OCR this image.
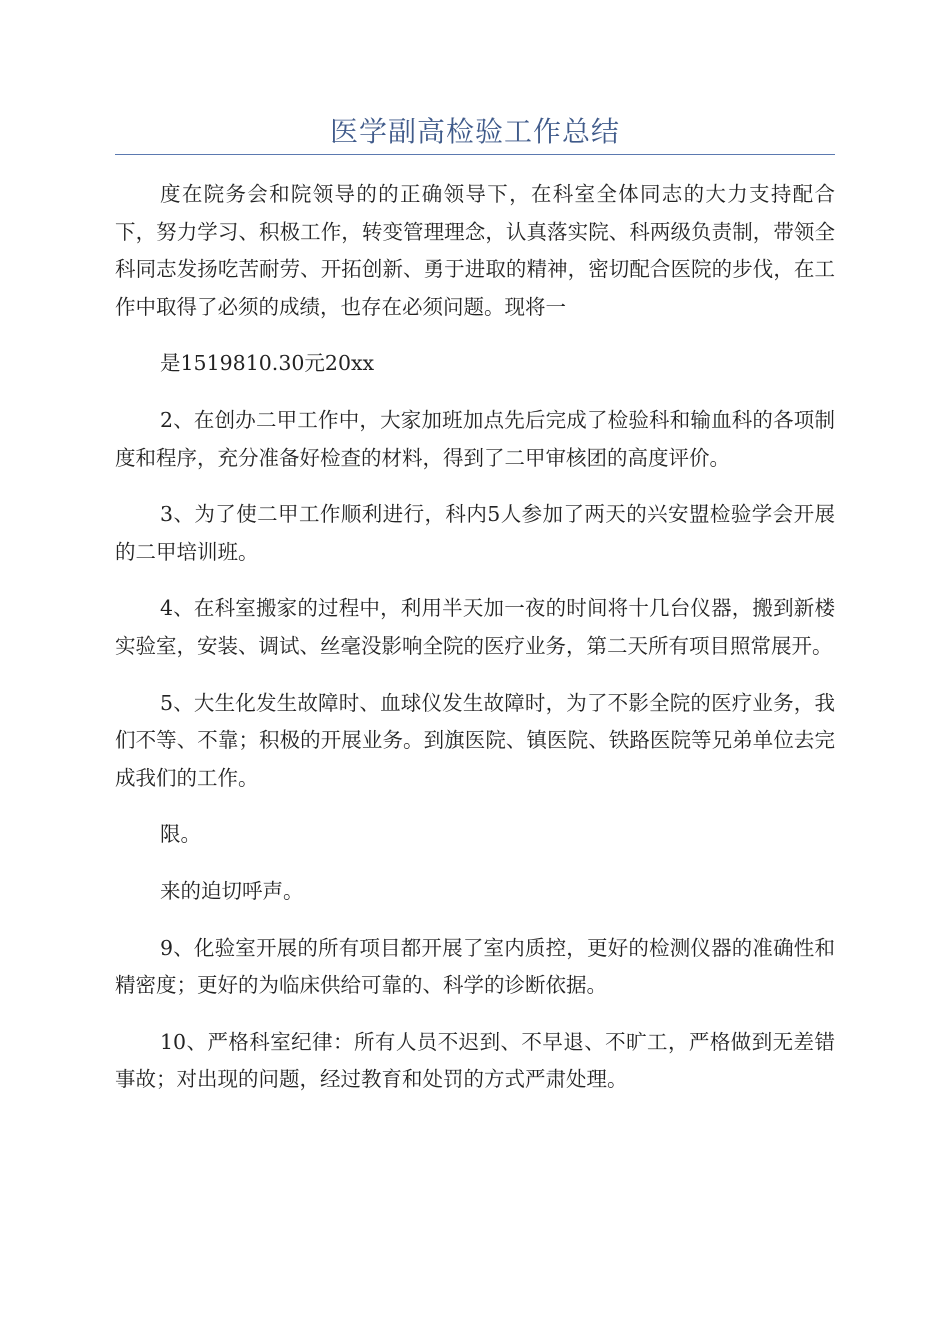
医学副高检验工作总结

度在院务会和院领导的的正确领导下，在科室全体同志的大力支持配合下，努力学习、积极工作，转变管理理念，认真落实院、科两级负责制，带领全科同志发扬吃苦耐劳、开拓创新、勇于进取的精神，密切配合医院的步伐，在工作中取得了必须的成绩，也存在必须问题。现将一

是1519810.30元20xx

2、在创办二甲工作中，大家加班加点先后完成了检验科和输血科的各项制度和程序，充分准备好检查的材料，得到了二甲审核团的高度评价。

3、为了使二甲工作顺利进行，科内5人参加了两天的兴安盟检验学会开展的二甲培训班。

4、在科室搬家的过程中，利用半天加一夜的时间将十几台仪器，搬到新楼实验室，安装、调试、丝毫没影响全院的医疗业务，第二天所有项目照常展开。

5、大生化发生故障时、血球仪发生故障时，为了不影全院的医疗业务，我们不等、不靠；积极的开展业务。到旗医院、镇医院、铁路医院等兄弟单位去完成我们的工作。

限。

来的迫切呼声。

9、化验室开展的所有项目都开展了室内质控，更好的检测仪器的准确性和精密度；更好的为临床供给可靠的、科学的诊断依据。

10、严格科室纪律：所有人员不迟到、不早退、不旷工，严格做到无差错事故；对出现的问题，经过教育和处罚的方式严肃处理。
